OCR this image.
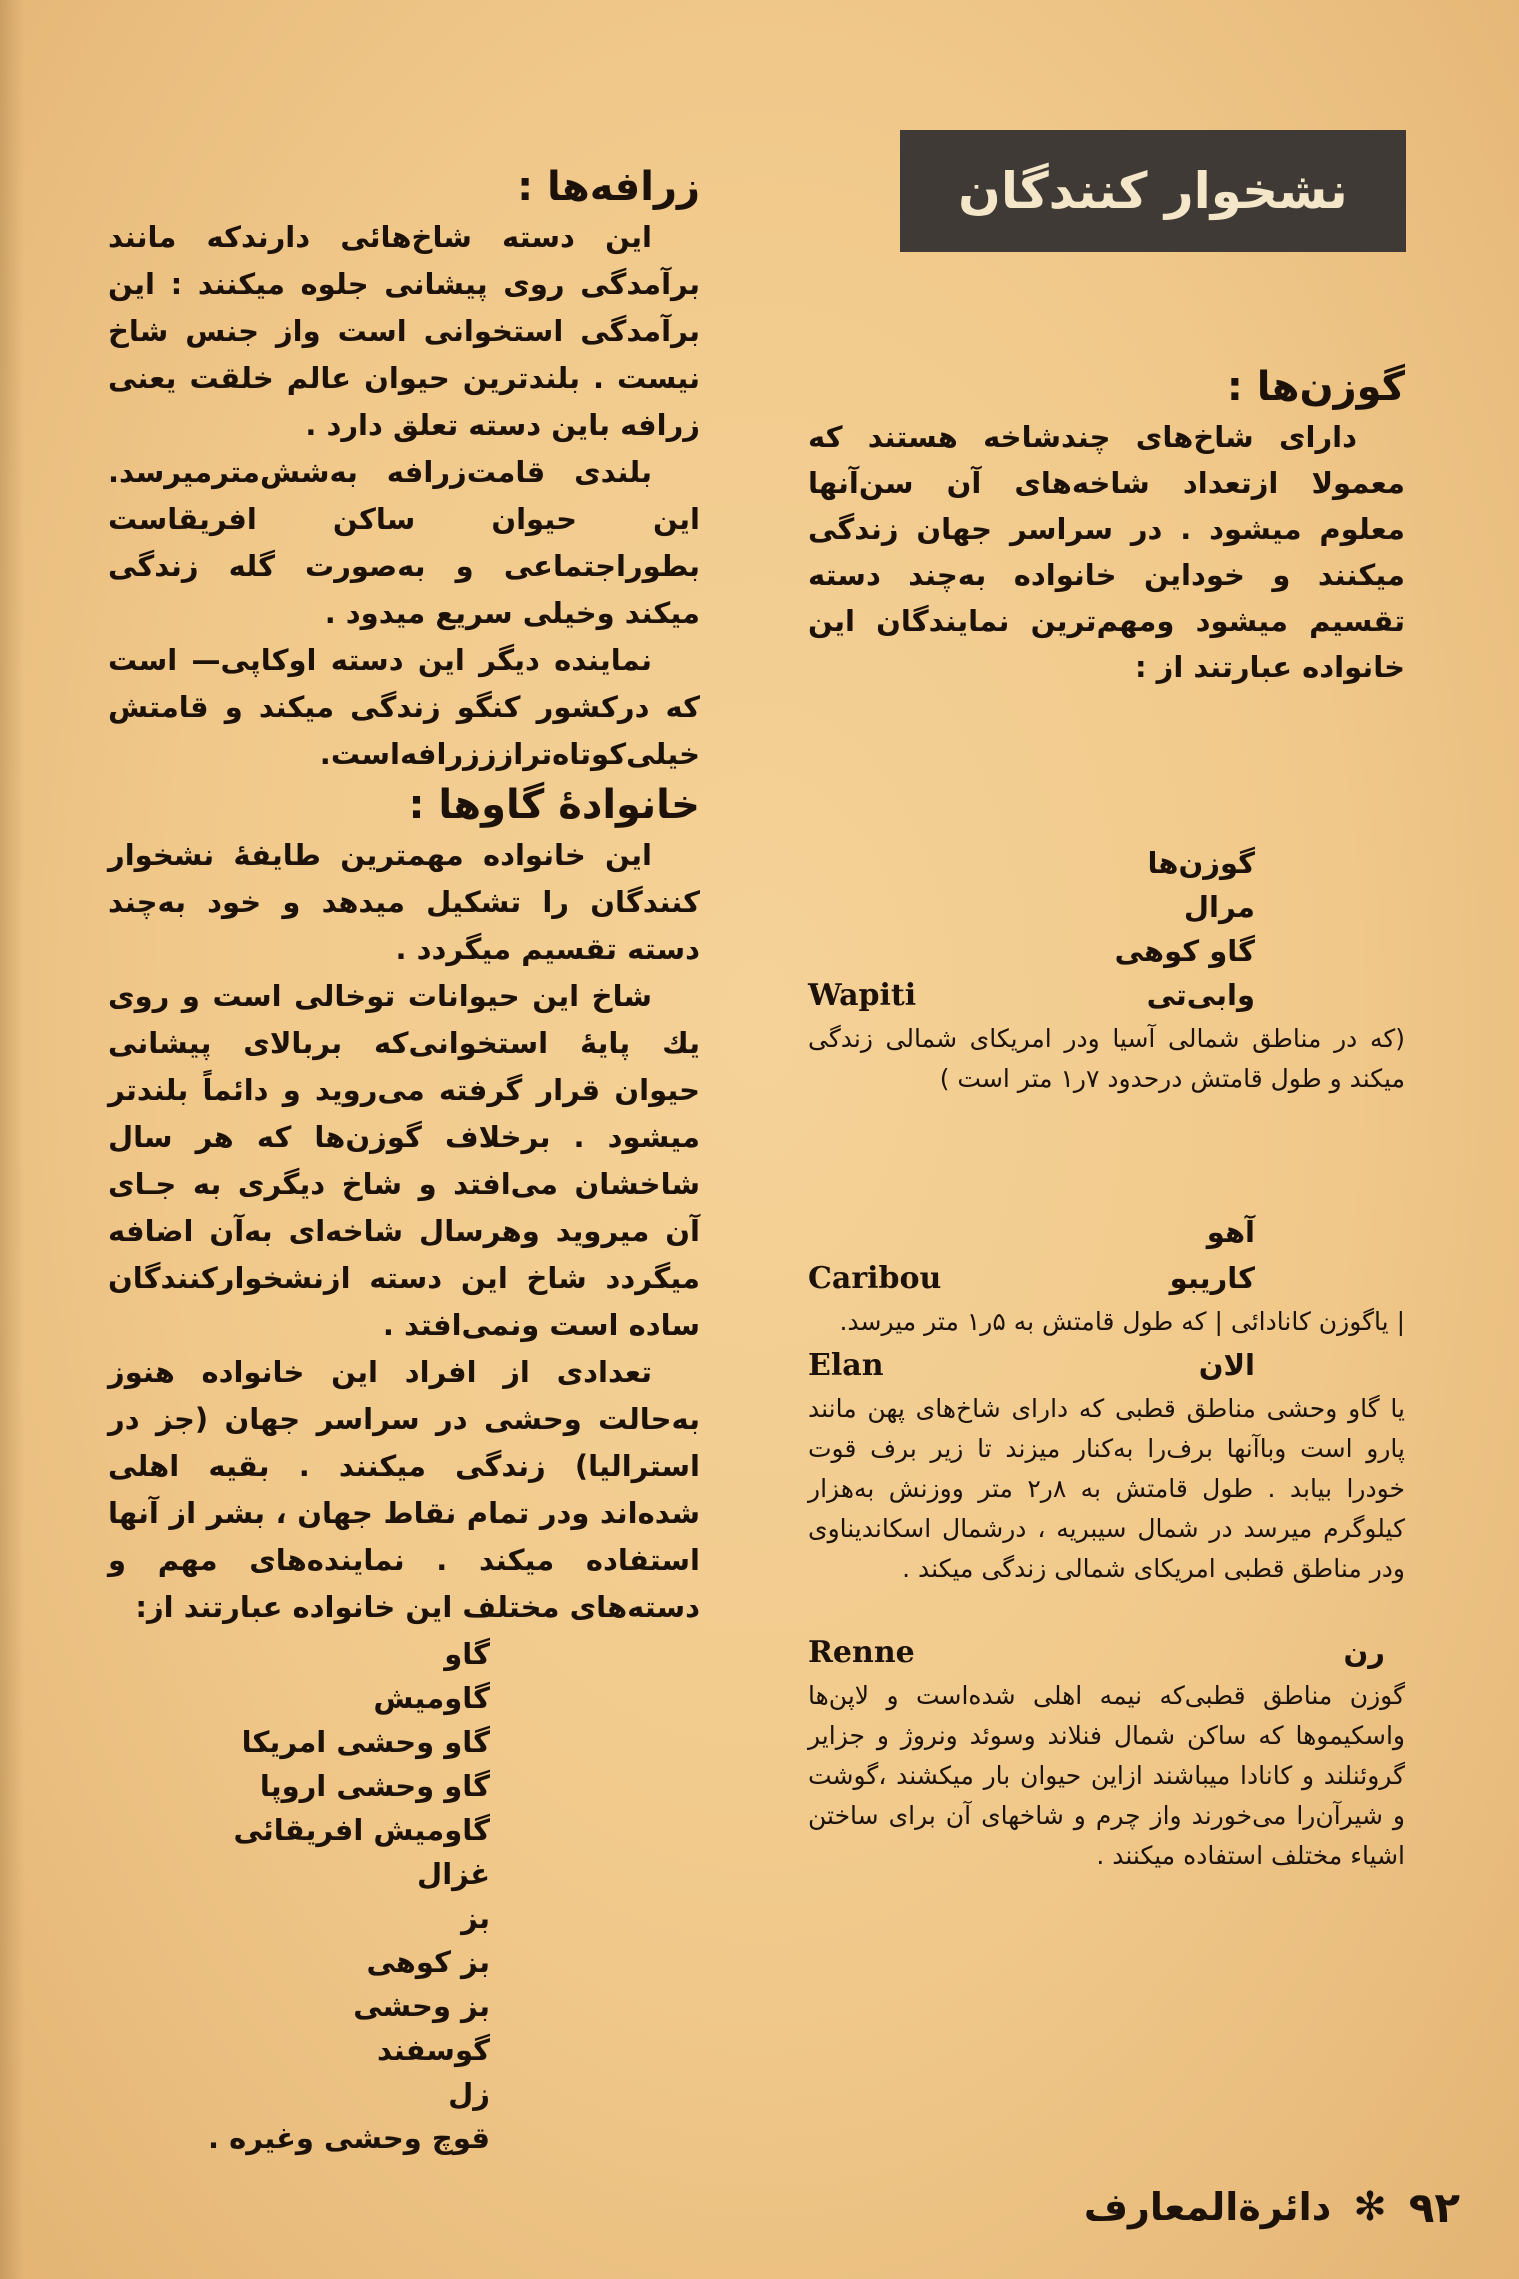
نشخوار کنندگان
زرافه‌ها :

این دسته شاخ‌هائی دارندکه مانند برآمدگی روی پیشانی جلوه میکنند : این برآمدگی استخوانی است واز جنس شاخ نیست . بلندترین حیوان عالم خلقت یعنی زرافه باین دسته تعلق دارد .

بلندی قامت‌زرافه به‌شش‌مترمیرسد. این حیوان ساکن افریقاست بطوراجتماعی و به‌صورت گله زندگی میکند وخیلی سریع میدود .

نماینده دیگر این دسته اوکاپی— است که درکشور کنگو زندگی میکند و قامتش خیلی‌کوتاه‌ترازززرافه‌است.

خانوادهٔ گاوها :

این خانواده مهمترین طایفهٔ نشخوار کنندگان را تشکیل میدهد و خود به‌چند دسته تقسیم میگردد .

شاخ این حیوانات توخالی است و روی یك پایهٔ استخوانی‌که بربالای پیشانی حیوان قرار گرفته می‌روید و دائماً بلندتر میشود . برخلاف گوزن‌ها که هر سال شاخشان می‌افتد و شاخ دیگری به جـای آن میروید وهرسال شاخه‌ای به‌آن اضافه میگردد شاخ این دسته ازنشخوارکنندگان ساده است ونمی‌افتد .

تعدادی از افراد این خانواده هنوز به‌حالت وحشی در سراسر جهان (جز در استرالیا) زندگی میکنند . بقیه اهلی شده‌اند ودر تمام نقاط جهان ، بشر از آنها استفاده میکند . نماینده‌های مهم و دسته‌های مختلف این خانواده عبارتند از:

گاو
گاومیش
گاو وحشی امریکا
گاو وحشی اروپا
گاومیش افریقائی
غزال
بز
بز کوهی
بز وحشی
گوسفند
زل
قوچ وحشی وغیره .
گوزن‌ها :

دارای شاخ‌های چندشاخه هستند که معمولا ازتعداد شاخه‌های آن سن‌آنها معلوم میشود . در سراسر جهان زندگی میکنند و خوداین خانواده به‌چند دسته تقسیم میشود ومهم‌ترین نمایندگان این خانواده عبارتند از :

گوزن‌ها
مرال
گاو کوهی
وابی‌تی
Wapiti

(که در مناطق شمالی آسیا ودر امریکای شمالی زندگی میکند و طول قامتش درحدود ۷ر۱ متر است )

آهو
کاریبو
Caribou

| یاگوزن کانادائی | که طول قامتش به‌ ۵ر۱ متر میرسد.

الان
Elan

یا گاو وحشی مناطق قطبی که دارای شاخ‌های پهن مانند پارو است وباآنها برف‌را به‌کنار میزند تا زیر برف قوت خودرا بیابد . طول قامتش به ۸ر۲ متر ووزنش به‌هزار کیلوگرم میرسد در شمال سیبریه ، درشمال اسکاندیناوی ودر مناطق قطبی امریکای شمالی زندگی میکند .

رن
Renne

گوزن مناطق قطبی‌که نیمه اهلی شده‌است و لاپن‌ها واسکیموها که ساکن شمال فنلاند وسوئد ونروژ و جزایر گروئنلند و کانادا میباشند ازاین حیوان بار میکشند ،گوشت و شیرآن‌را می‌خورند واز چرم و شاخهای آن برای ساختن اشیاء مختلف استفاده میکنند .

۹۲
✻
دائرة‌المعارف
